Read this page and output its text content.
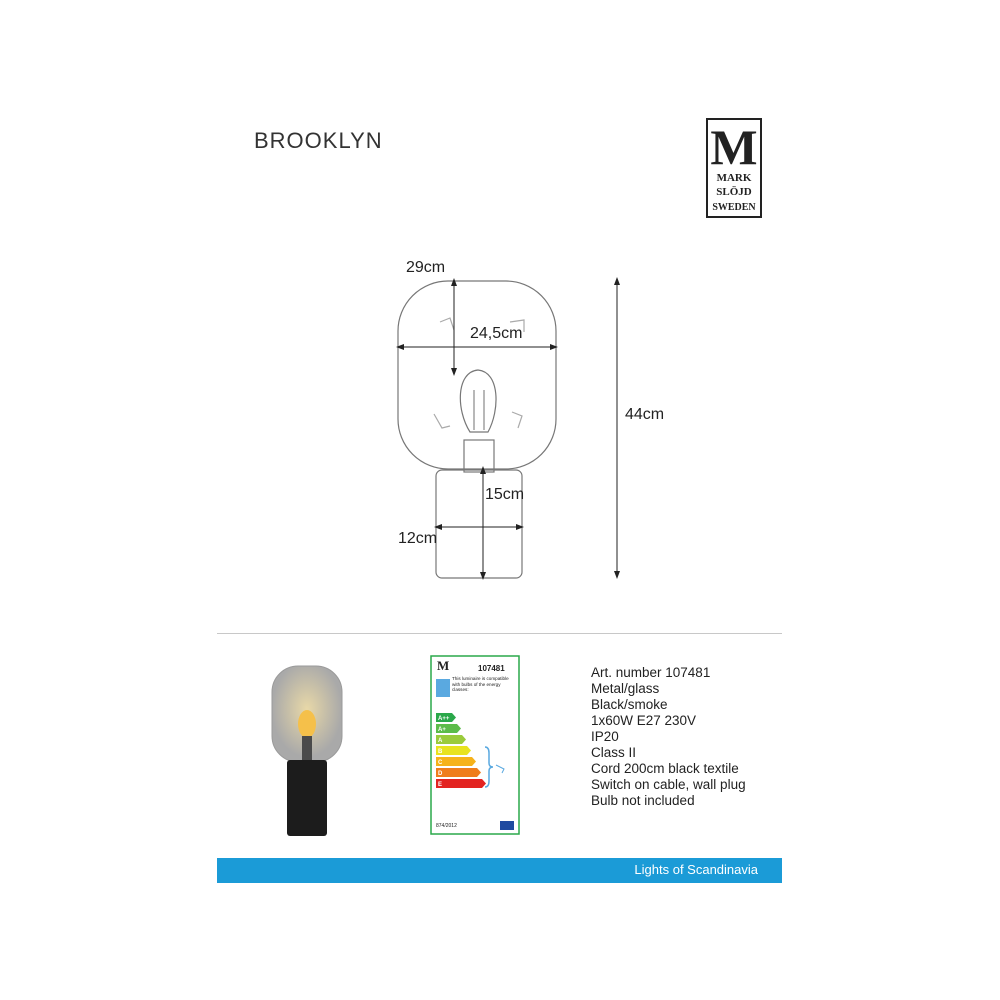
BROOKLYN	M
MARK
SLÖJD
SWEDEN
29cm
24,5cm
44cm
15cm
12cm
M	107481
This luminaire is compatible with bulbs of the energy classes:
A++
A+
A
B
C
D
E
874/2012
Art. number 107481
Metal/glass
Black/smoke
1x60W E27 230V
IP20
Class II
Cord 200cm black textile
Switch on cable, wall plug
Bulb not included
Lights of Scandinavia
